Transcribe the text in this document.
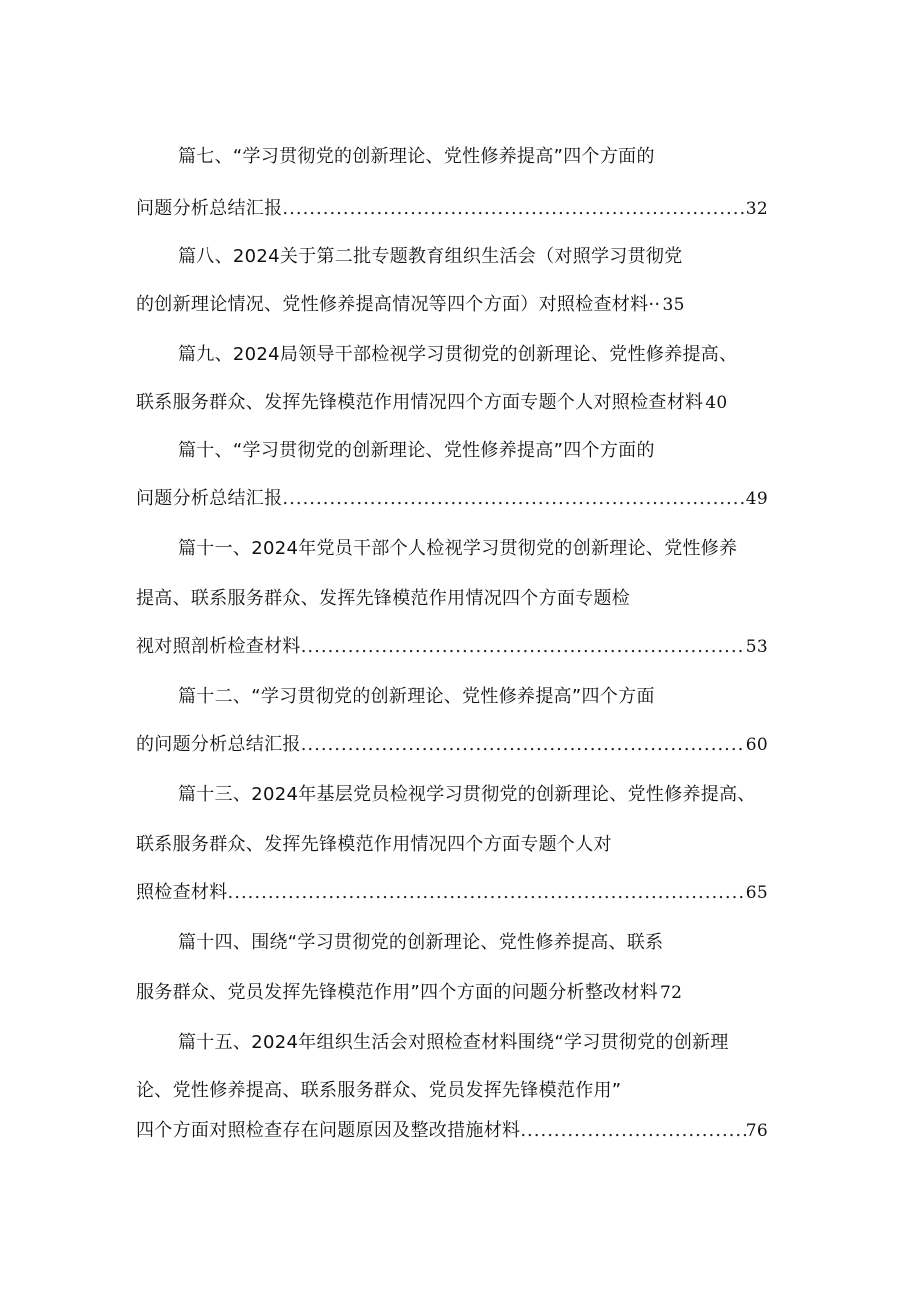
篇七、“学习贯彻党的创新理论、党性修养提高”四个方面的
问题分析总结汇报 .....	32
篇八、2024关于第二批专题教育组织生活会（对照学习贯彻党
的创新理论情况、党性修养提高情况等四个方面）对照检查材料·· 35
篇九、2024局领导干部检视学习贯彻党的创新理论、党性修养提高、
联系服务群众、发挥先锋模范作用情况四个方面专题个人对照检查材料 40
篇十、“学习贯彻党的创新理论、党性修养提高”四个方面的
问题分析总结汇报 .....	49
篇十一、2024年党员干部个人检视学习贯彻党的创新理论、党性修养
提高、联系服务群众、发挥先锋模范作用情况四个方面专题检
视对照剖析检查材料 .....	53
篇十二、“学习贯彻党的创新理论、党性修养提高”四个方面
的问题分析总结汇报 .....	60
篇十三、2024年基层党员检视学习贯彻党的创新理论、党性修养提高、
联系服务群众、发挥先锋模范作用情况四个方面专题个人对
照检查材料 .....	65
篇十四、围绕“学习贯彻党的创新理论、党性修养提高、联系
服务群众、党员发挥先锋模范作用”四个方面的问题分析整改材料 72
篇十五、2024年组织生活会对照检查材料围绕“学习贯彻党的创新理
论、党性修养提高、联系服务群众、党员发挥先锋模范作用”
四个方面对照检查存在问题原因及整改措施材料 .....	76
